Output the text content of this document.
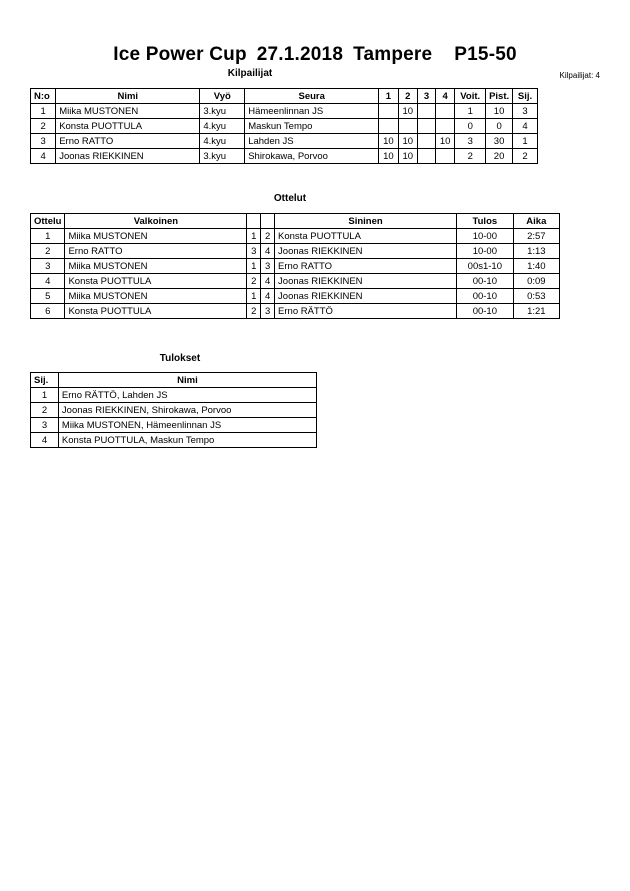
Ice Power Cup 27.1.2018 Tampere P15-50
Kilpailijat	Kilpailijat: 4
N:o	Nimi	Vyö	Seura	1	2	3	4	Voit.	Pist.	Sij.
1	Miika MUSTONEN	3.kyu	Hämeenlinnan JS		10			1	10	3
2	Konsta PUOTTULA	4.kyu	Maskun Tempo					0	0	4
3	Erno RATTO	4.kyu	Lahden JS	10	10		10	3	30	1
4	Joonas RIEKKINEN	3.kyu	Shirokawa, Porvoo	10	10			2	20	2
Ottelut
Ottelu	Valkoinen			Sininen	Tulos	Aika
1	Miika MUSTONEN	1	2	Konsta PUOTTULA	10-00	2:57
2	Erno RATTO	3	4	Joonas RIEKKINEN	10-00	1:13
3	Miika MUSTONEN	1	3	Erno RATTO	00s1-10	1:40
4	Konsta PUOTTULA	2	4	Joonas RIEKKINEN	00-10	0:09
5	Miika MUSTONEN	1	4	Joonas RIEKKINEN	00-10	0:53
6	Konsta PUOTTULA	2	3	Erno RÄTTÖ	00-10	1:21
Tulokset
Sij.	Nimi
1	Erno RÄTTÖ, Lahden JS
2	Joonas RIEKKINEN, Shirokawa, Porvoo
3	Miika MUSTONEN, Hämeenlinnan JS
4	Konsta PUOTTULA, Maskun Tempo
